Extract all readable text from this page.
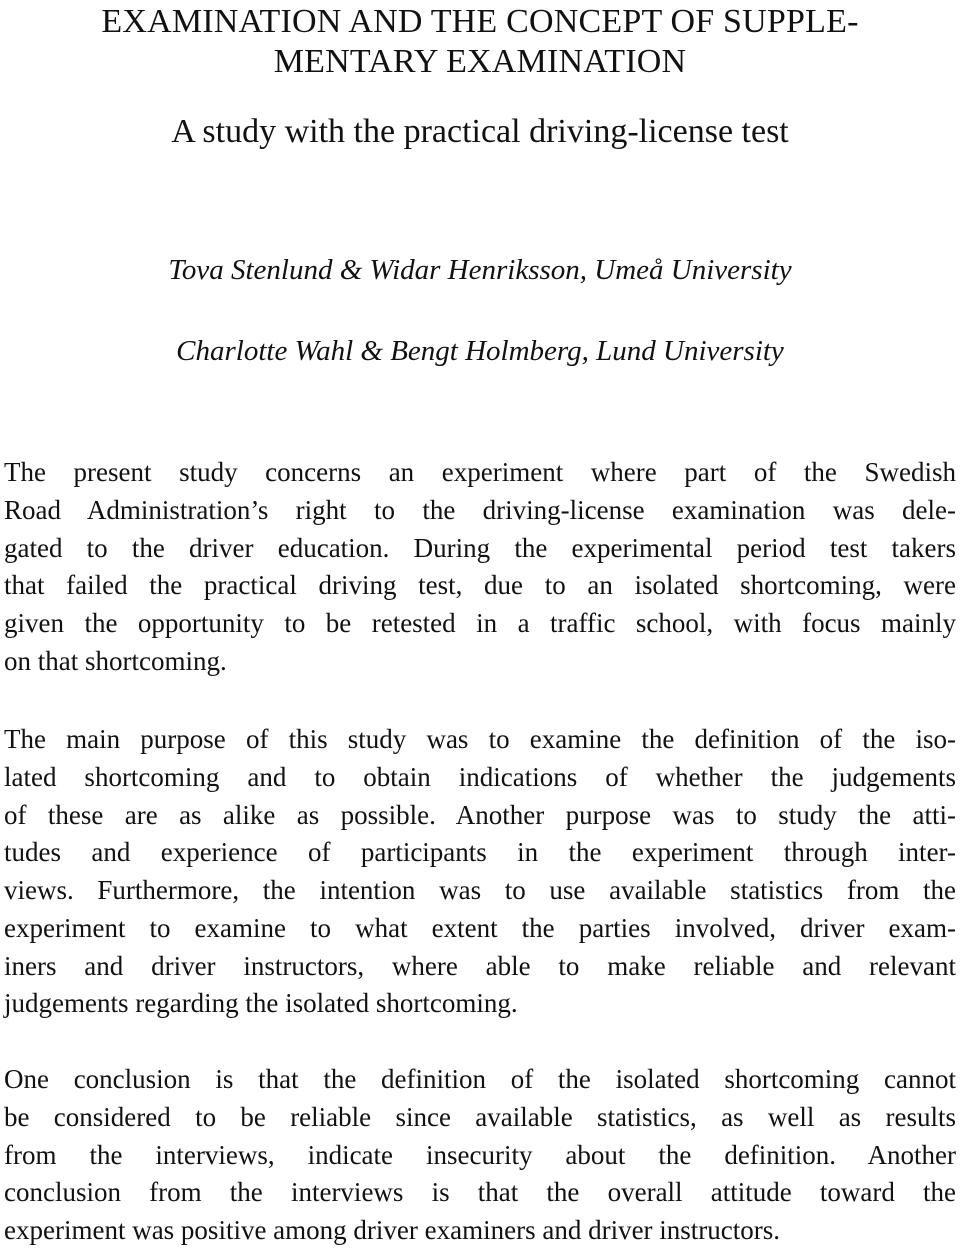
EXAMINATION AND THE CONCEPT OF SUPPLE-
MENTARY EXAMINATION
A study with the practical driving-license test
Tova Stenlund & Widar Henriksson, Umeå University
Charlotte Wahl & Bengt Holmberg, Lund University
The present study concerns an experiment where part of the Swedish
Road Administration’s right to the driving-license examination was dele-
gated to the driver education. During the experimental period test takers
that failed the practical driving test, due to an isolated shortcoming, were
given the opportunity to be retested in a traffic school, with focus mainly
on that shortcoming.
The main purpose of this study was to examine the definition of the iso-
lated shortcoming and to obtain indications of whether the judgements
of these are as alike as possible. Another purpose was to study the atti-
tudes and experience of participants in the experiment through inter-
views. Furthermore, the intention was to use available statistics from the
experiment to examine to what extent the parties involved, driver exam-
iners and driver instructors, where able to make reliable and relevant
judgements regarding the isolated shortcoming.
One conclusion is that the definition of the isolated shortcoming cannot
be considered to be reliable since available statistics, as well as results
from the interviews, indicate insecurity about the definition. Another
conclusion from the interviews is that the overall attitude toward the
experiment was positive among driver examiners and driver instructors.
